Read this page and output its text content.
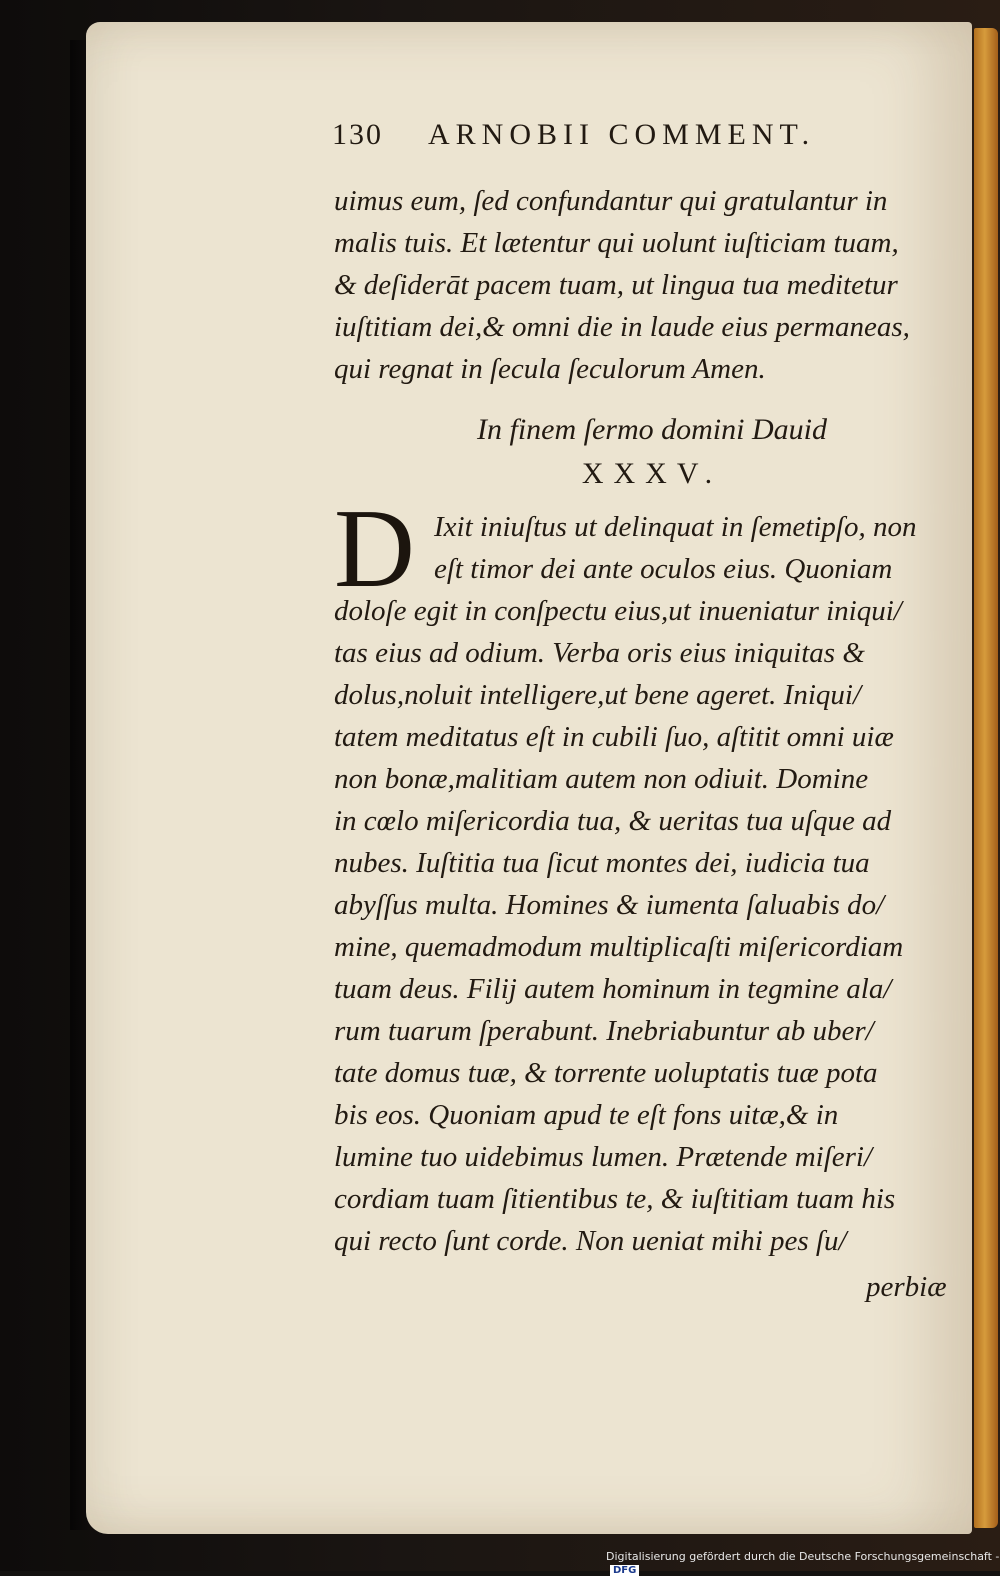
130 ARNOBII COMMENT.
uimus eum, ſed confundantur qui gratulantur in
malis tuis. Et lætentur qui uolunt iuſticiam tuam,
& deſiderāt pacem tuam, ut lingua tua meditetur
iuſtitiam dei,& omni die in laude eius permaneas,
qui regnat in ſecula ſeculorum Amen.
In finem ſermo domini Dauid
XXXV.
D Ixit iniuſtus ut delinquat in ſemetipſo, non
eſt timor dei ante oculos eius. Quoniam
doloſe egit in conſpectu eius,ut inueniatur iniqui/
tas eius ad odium. Verba oris eius iniquitas &
dolus,noluit intelligere,ut bene ageret. Iniqui/
tatem meditatus eſt in cubili ſuo, aſtitit omni uiæ
non bonæ,malitiam autem non odiuit. Domine
in cœlo miſericordia tua, & ueritas tua uſque ad
nubes. Iuſtitia tua ſicut montes dei, iudicia tua
abyſſus multa. Homines & iumenta ſaluabis do/
mine, quemadmodum multiplicaſti miſericordiam
tuam deus. Filij autem hominum in tegmine ala/
rum tuarum ſperabunt. Inebriabuntur ab uber/
tate domus tuæ, & torrente uoluptatis tuæ pota
bis eos. Quoniam apud te eſt fons uitæ,& in
lumine tuo uidebimus lumen. Prætende miſeri/
cordiam tuam ſitientibus te, & iuſtitiam tuam his
qui recto ſunt corde. Non ueniat mihi pes ſu/
perbiæ
Digitalisierung gefördert durch die Deutsche Forschungsgemeinschaft - DFG
